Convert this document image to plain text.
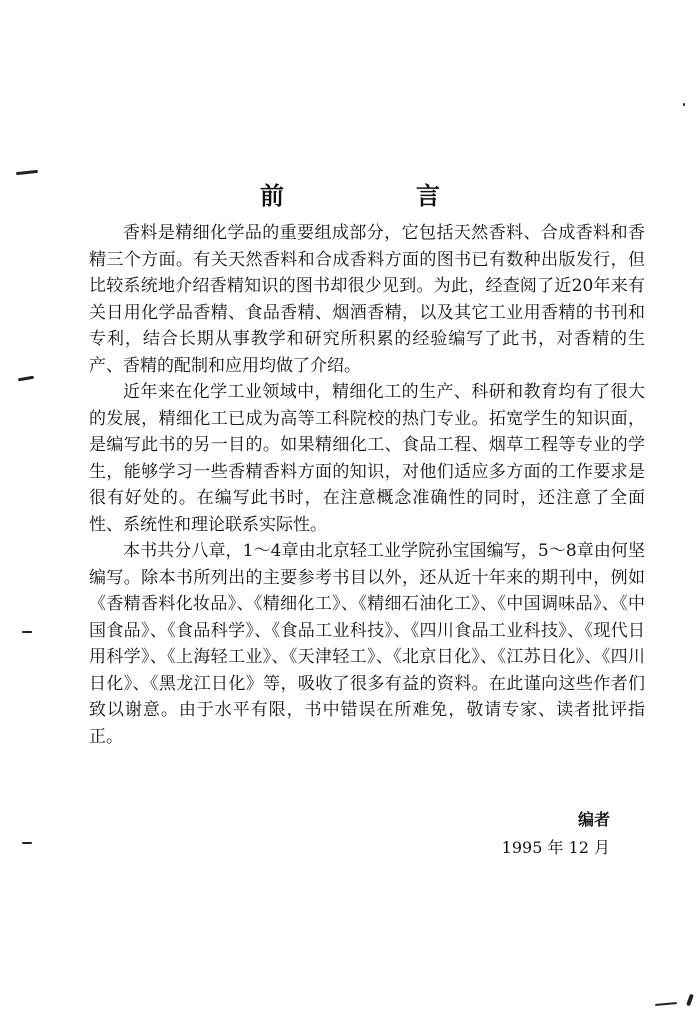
前　言

香料是精细化学品的重要组成部分，它包括天然香料、合成香料和香精三个方面。有关天然香料和合成香料方面的图书已有数种出版发行，但比较系统地介绍香精知识的图书却很少见到。为此，经查阅了近20年来有关日用化学品香精、食品香精、烟酒香精，以及其它工业用香精的书刊和专利，结合长期从事教学和研究所积累的经验编写了此书，对香精的生产、香精的配制和应用均做了介绍。

近年来在化学工业领域中，精细化工的生产、科研和教育均有了很大的发展，精细化工已成为高等工科院校的热门专业。拓宽学生的知识面，是编写此书的另一目的。如果精细化工、食品工程、烟草工程等专业的学生，能够学习一些香精香料方面的知识，对他们适应多方面的工作要求是很有好处的。在编写此书时，在注意概念准确性的同时，还注意了全面性、系统性和理论联系实际性。

本书共分八章，1～4章由北京轻工业学院孙宝国编写，5～8章由何坚编写。除本书所列出的主要参考书目以外，还从近十年来的期刊中，例如《香精香料化妆品》、《精细化工》、《精细石油化工》、《中国调味品》、《中国食品》、《食品科学》、《食品工业科技》、《四川食品工业科技》、《现代日用科学》、《上海轻工业》、《天津轻工》、《北京日化》、《江苏日化》、《四川日化》、《黑龙江日化》等，吸收了很多有益的资料。在此谨向这些作者们致以谢意。由于水平有限，书中错误在所难免，敬请专家、读者批评指正。

编者
1995 年 12 月
